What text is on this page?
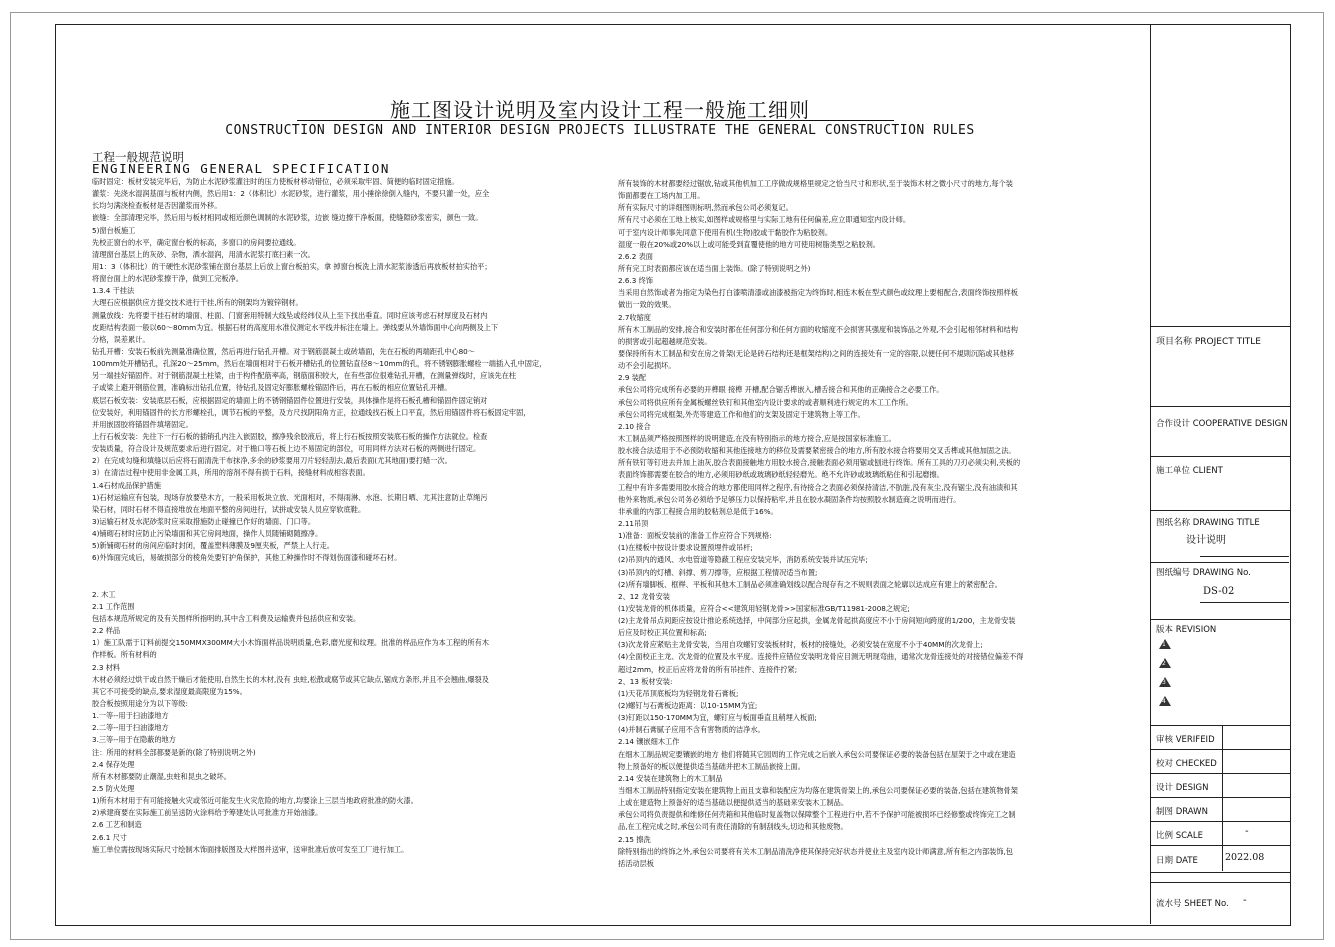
施工图设计说明及室内设计工程一般施工细则
CONSTRUCTION DESIGN AND INTERIOR DESIGN PROJECTS ILLUSTRATE THE GENERAL CONSTRUCTION RULES
工程一般规范说明
ENGINEERING GENERAL SPECIFICATION
临时固定：板材安装完毕后，为防止水泥砂浆灌注时的压力使板材移动错位，必须采取牢固、简便的临时固定措施。
灌浆：先浇水湿润基面与板材内侧，然后用1：2（体积比）水泥砂浆，进行灌浆，用小捶徐徐倒入缝内，不要只灌一处，应全
长均匀满浇检查板材是否因灌浆而外移。
嵌缝：全部清理完毕，然后用与板材相同或相近颜色调制的水泥砂浆，边嵌 缝边擦干净板面，使缝隙砂浆密实，颜色一致。
5)窗台板施工
先校正窗台的水平，确定窗台板的标高，多窗口的房间要拉通线。
清理窗台基层上的灰砂、杂物，洒水湿润，用清水泥浆打底扫素一次。
用1：3（体积比）的干硬性水泥砂浆铺在窗台基层上后放上窗台板拍实，拿 掉窗台板洗上清水泥浆渗透后再放板材拍实抬平；
将窗台面上的水泥砂浆擦干净，做到工完板净。
1.3.4 干挂法
大理石应根据供应方提交技术进行干挂,所有的钢架均为镀锌钢材。
测量放线：先将要干挂石材的墙面、柱面、门窗套用特制大线坠或经纬仪从上至下找出垂直。同时应该考虑石材厚度及石材内
皮距结构表面一般以60～80mm为宜。根据石材的高度用水准仪测定水平线并标注在墙上。弹线要从外墙饰面中心向两侧及上下
分格，误差累计。
钻孔开槽：安装石板前先测量准确位置，然后再进行钻孔开槽。对于钢筋混凝土或砖墙面，先在石板的两端距孔中心80～
100mm处开槽钻孔，孔深20～25mm，然后在墙面相对于石板开槽钻孔的位置钻直径8～10mm的孔，将不锈钢膨胀螺栓一端插入孔中固定，
另一端挂好锚固件。对于钢筋混凝土柱梁，由于构件配筋率高，钢筋面积较大，在有些部位很难钻孔开槽，在测量弹线时，应该先在柱
子或梁上避开钢筋位置，准确标出钻孔位置，待钻孔及固定好膨胀螺栓锚固件后，再在石板的相应位置钻孔开槽。
底层石板安装：安装底层石板，应根据固定的墙面上的不锈钢锚固件位置进行安装，具体操作是将石板孔槽和锚固件固定销对
位安装好，利用锚固件的长方形螺栓孔，调节石板的平整，及方尺找阴阳角方正，拉通线找石板上口平直，然后用锚固件将石板固定牢固，
并用嵌固胶将锚固件填堵固定。
上行石板安装：先往下一行石板的插销孔内注入嵌固胶，擦净残余胶液后，将上行石板按照安装底石板的操作方法就位。检查
安装质量，符合设计及规范要求后进行固定。对于檐口等石板上边不易固定的部位，可用同样方法对石板的两侧进行固定。
2）在完成勾缝和填缝以后应将石面清洗干布抹净,多余的砂浆要用刀片轻轻刮去,最后表面(尤其地面)要打蜡一次。
3）在清洁过程中使用非金属工具，所用的溶剂不得有损于石料，接缝材料成相容表面。
1.4石材成品保护措施
1)石材运输应有包装，现场存放要垫木方，一般采用板块立放、光面相对，不得雨淋、水泡、长期日晒、尤其注意防止草绳污
染石材，同时石材不得直接堆放在地面平整的房间进行，试拼或安装人员应穿软底鞋。
3)运输石材及水泥砂浆时应采取措施防止碰撞已作好的墙面、门口等。
4)铺砌石材时应防止污染墙面和其它房间地面，操作人员随铺砌随擦净。
5)新铺砌石材的房间应临时封闭，覆盖塑料薄膜及9厘夹板，严禁上人行走。
6)外饰面完成后，易破损部分的棱角处要钉护角保护，其他工种操作时不得划伤面漆和碰坏石材。
2. 木工
2.1 工作范围
包括本规范所规定的及有关图样所指明的,其中含工料费及运输费并包括供应和安装。
2.2 样品
1）施工队需于订料前提交150MMX300MM大小木饰面样品说明质量,色彩,磨光度和纹理。批准的样品应作为本工程的所有木
作样板。所有材料的
2.3 材料
木材必须经过烘干或自然干燥后才能使用,自然生长的木材,没有 虫蛀,松散或腐节或其它缺点,锯成方条形,并且不会翘曲,爆裂及
其它不可接受的缺点,要求湿度最高限度为15%。
胶合板按照用途分为以下等级:
1.一等--用于扫油漆地方
2.二等--用于扫油漆地方
3.三等--用于在隐蔽的地方
注：所用的材料全部都要是新的(除了特别说明之外)
2.4 保存处理
所有木材都要防止潮湿,虫蛀和昆虫之破坏。
2.5 防火处理
1)所有木材用于有可能接触火灾或邻近可能发生火灾危险的地方,均要涂上三层当地政府批准的防火漆。
2)承建商要在实际施工前呈送防火涂料给予筹建处认可批准方开始油漆。
2.6 工艺和制造
2.6.1 尺寸
施工单位需按现场实际尺寸绘制木饰面排版图及大样图并送审，送审批准后放可发至工厂进行加工。
所有装饰的木材都要经过锯放,钻或其他机加工工序做成规格里规定之恰当尺寸和形状,至于装饰木材之微小尺寸的地方,每个装
饰面都要在工场内加工用。
所有实际尺寸的详细图则标明,然而承包公司必须复记。
所有尺寸必须在工地上核实,如图样或规格里与实际工地有任何偏差,应立即通知室内设计师。
可于室内设计师事先同意下使用有机(生物)胶或干黏胶作为粘胶剂。
湿度一般在20%或20%以上或可能受到直覆使他的地方可使用树脂类型之粘胶剂。
2.6.2 表面
所有完工时表面都应该在适当面上装饰。(除了特别说明之外)
2.6.3 终饰
当采用自然饰或者为指定为染色打白漆喷清漆或油漆被指定为终饰时,相连木板在型式颜色或纹理上要相配合,表面终饰按照样板
做出一致的效果。
2.7收缩度
所有木工制品的安排,接合和安装时都在任何部分和任何方面的收缩度不会损害其强度和装饰品之外观,不会引起相邻材料和结构
的损害或引起超越规范安装。
要保持所有木工制品和安在房之骨架(无论是砖石结构还是框架结构)之间的连接处有一定的容限,以便任何不規則沉陷或其他移
动不会引起损坏。
2.9 装配
承包公司将完成所有必要的开榫眼 接榫 开槽,配合锯舌榫嵌入,槽舌接合和其他的正确接合之必要工作。
承包公司将供应所有金属板螺丝铁钉和其他室内设计要求的或者顺利进行规定的木工工作所。
承包公司将完成框架,外壳等建造工作和他们的支架及固定于建筑物上等工作。
2.10 接合
木工制品须严格按照图样的说明建造,在没有特别指示的地方接合,应是按国家标准施工。
胶水接合法适用于不必预防收缩和其他连接地方的移位及需要紧密接合的地方,所有胶水接合将要用交叉舌榫或其他加固之法。
所有铁钉等钉进去并加上油灰,胶合表面接触地方用胶水接合,接触表面必须用锯或刨进行终饰。所有工具的刀刃必须尖利,夹板的
表面终饰都需要在胶合的地方,必须用砂纸或玻璃砂纸轻轻磨光。绝不允许砂或玻璃纸粘住和引起磨擦。
工程中有许多需要用胶水接合的地方都使用同样之程序,有待接合之表面必须保持清洁,不肮脏,没有灰尘,没有锯尘,没有油渍和其
他外来物质,承包公司务必须给予足够压力以保持粘牢,并且在胶水凝固条件均按照胶水制造商之说明而进行。
非承重的内部工程接合用的胶粘剂总是低于16%。
2.11吊顶
1)准备：面板安装前的准备工作应符合下列规格:
(1)在楼板中按设计要求设置预埋件或吊杆;
(2)吊顶内的通风、水电管道等隐蔽工程应安装完毕，消防系统安装并试压完毕;
(3)吊顶内的灯槽、斜撑、剪刀撑等，应根据工程情况适当布置;
(2)所有墙脚板、框榉、平板和其他木工制品必须准确划线以配合现存有之不规则表面之轮廓以达成应有建上的紧密配合。
2、12 龙骨安装
(1)安装龙骨的机体质量，应符合<<建筑用轻钢龙骨>>国家标准GB/T11981-2008之规定;
(2)主龙骨吊点间距应按设计推论系统选择，中间部分应起拱，金属龙骨起拱高度应不小于房间短向跨度的1/200，主龙骨安装
后应及时校正其位置和标高;
(3)次龙骨应紧贴主龙骨安装，当用自攻螺钉安装板材时，板材的接缝处，必须安装在宽度不小于40MM的次龙骨上;
(4)全面校正主龙、次龙骨的位置及水平度。连接件应错位安装明龙骨应目测无明现弯曲，通常次龙骨连接处的对接错位偏差不得
超过2mm，校正后应将龙骨的所有吊挂件、连接件拧紧;
2、13 板材安装:
(1)天花吊顶底板均为轻钢龙骨石膏板;
(2)螺钉与石膏板边距离：以10-15MM为宜;
(3)钉距以150-170MM为宜，螺钉应与板面垂直且稍埋入板面;
(4)并制石膏腻子应用不含有害物质的洁净水。
2.14 镶嵌细木工作
在细木工制品规定要镶嵌的地方 他们将随其它园周的工作完成之后嵌入承包公司要保证必要的装备包括在屋架于之中或在建造
物上预备好的板以便提供适当基础并把木工制品嵌接上面。
2.14 安装在建筑物上的木工制品
当细木工制品特别指定安装在建筑物上而且支靠和装配应为均落在建筑骨架上的,承包公司要保证必要的装备,包括在建筑物骨架
上或在建造物上预备好的适当基础以便提供适当的基础来安装木工制品。
承包公司将负责提供和维修任何壳箱和其他临时复盖物以保障整个工程进行中,若不予保护可能被损坏已经修整或终饰完工之制
品,在工程完成之时,承包公司有责任清除的有制刮线头,切边和其他废物。
2.15 擦洗
除特别指出的终饰之外,承包公司要将有关木工制品清洗净使其保持完好状态并使业主及室内设计师满意,所有柜之内部装饰,包
括活动层板
项目名称 PROJECT TITLE
合作设计 COOPERATIVE DESIGN
施工单位 CLIENT
图纸名称 DRAWING TITLE
设计说明
图纸编号 DRAWING No.
DS-02
版本 REVISION
1
2
3
4
审核 VERIFEID
校对 CHECKED
设计 DESIGN
制图 DRAWN
比例 SCALE	-
日期 DATE	2022.08
流水号 SHEET No. -
